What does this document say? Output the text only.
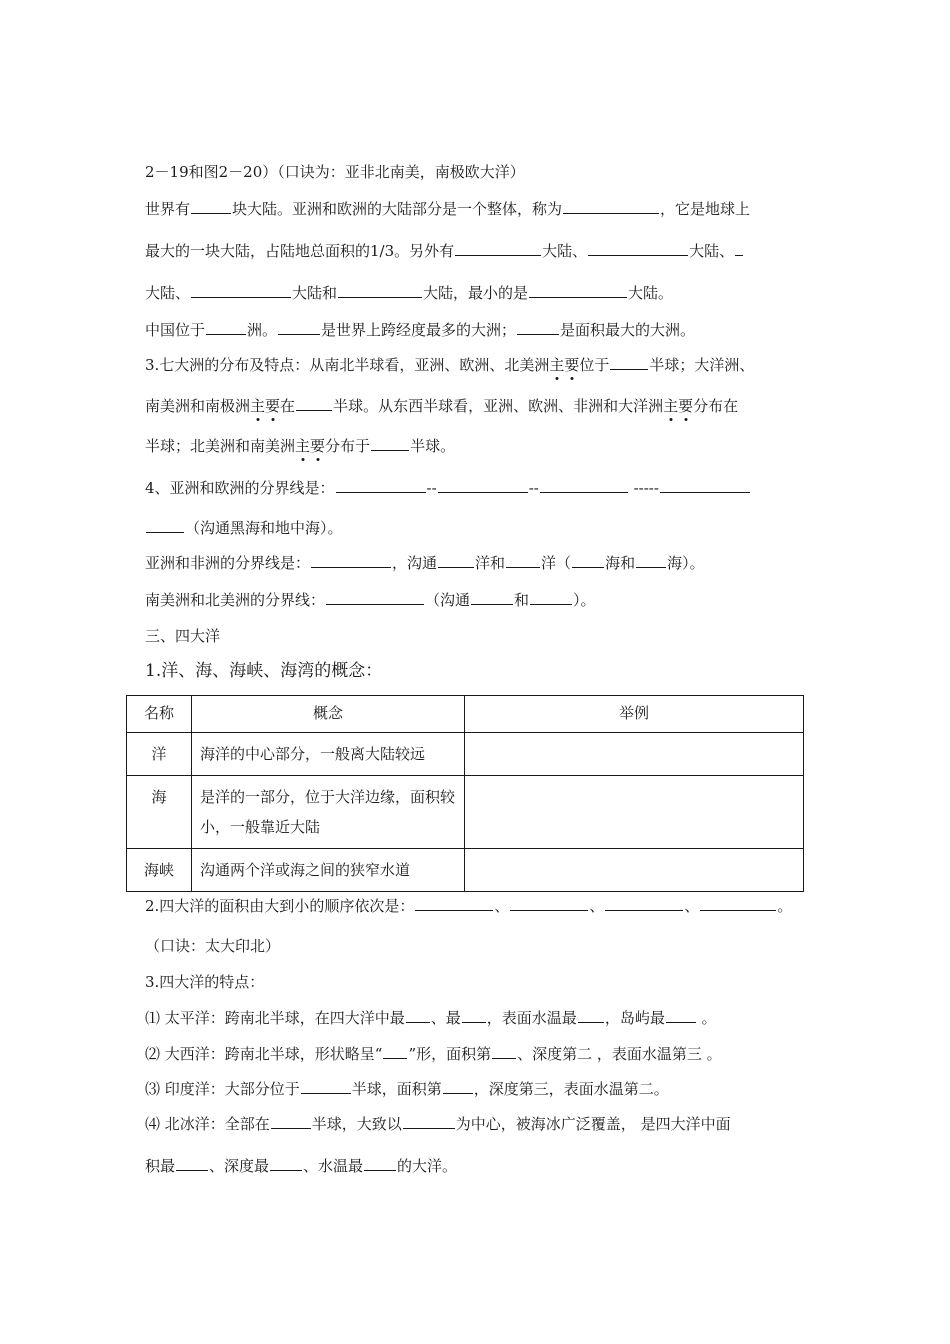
2－19和图2－20）（口诀为：亚非北南美，南极欧大洋）
世界有	块大陆。亚洲和欧洲的大陆部分是一个整体，称为	，它是地球上
最大的一块大陆，占陆地总面积的1/3。另外有	大陆、	大陆、
大陆、	大陆和	大陆，最小的是	大陆。
中国位于	洲。	是世界上跨经度最多的大洲；	是面积最大的大洲。
3.七大洲的分布及特点：从南北半球看，亚洲、欧洲、北美洲主要位于	半球；大洋洲、
南美洲和南极洲主要在	半球。从东西半球看，亚洲、欧洲、非洲和大洋洲主要分布在
半球；北美洲和南美洲主要分布于	半球。
4、亚洲和欧洲的分界线是：	--	--	-----
（沟通黑海和地中海）。
亚洲和非洲的分界线是：	，沟通	洋和 洋（ 海和 海）。
南美洲和北美洲的分界线：	（沟通	和	）。
三、四大洋
1.洋、海、海峡、海湾的概念：
名称	概念	举例
洋	海洋的中心部分，一般离大陆较远	
海	是洋的一部分，位于大洋边缘，面积较小，一般靠近大陆	
海峡	沟通两个洋或海之间的狭窄水道	
2.四大洋的面积由大到小的顺序依次是：	、	、	、	。
（口诀：太大印北）
3.四大洋的特点：
⑴ 太平洋：跨南北半球，在四大洋中最 、最 ，表面水温最 ，岛屿最 。
⑵ 大西洋：跨南北半球，形状略呈“ ”形，面积第 、深度第二 ，表面水温第三 。
⑶ 印度洋：大部分位于	半球，面积第 ，深度第三，表面水温第二。
⑷ 北冰洋：全部在	半球，大致以	为中心，被海冰广泛覆盖， 是四大洋中面
积最 、深度最 、水温最 的大洋。
